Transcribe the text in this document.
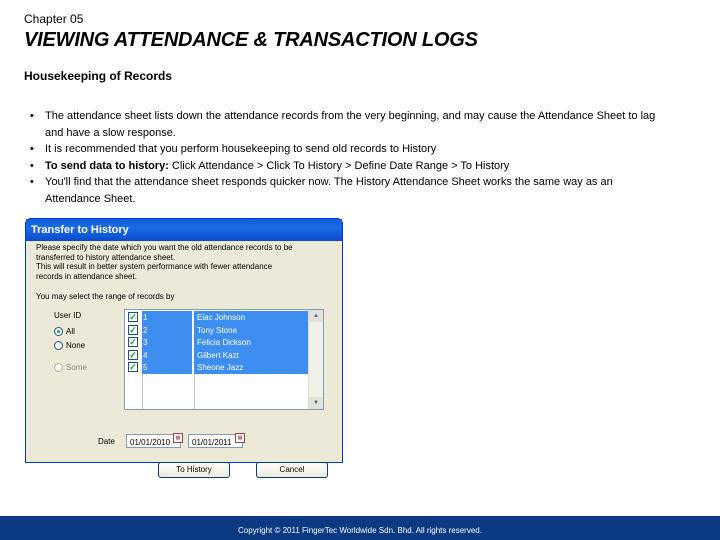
Chapter 05
VIEWING ATTENDANCE & TRANSACTION LOGS
Housekeeping of Records
• The attendance sheet lists down the attendance records from the very beginning, and may cause the Attendance Sheet to lag and have a slow response.
• It is recommended that you perform housekeeping to send old records to History
• To send data to history: Click Attendance > Click To History > Define Date Range > To History
• You'll find that the attendance sheet responds quicker now. The History Attendance Sheet works the same way as an Attendance Sheet.
Transfer to History
Please specify the date which you want the old attendance records to be
transferred to history attendance sheet.
This will result in better system performance with fewer attendance
records in attendance sheet.
You may select the range of records by
User ID
All
None
Some
✓ 1	Eiac Johnson
✓ 2	Tony Stone
✓ 3	Felicia Dickson
✓ 4	Gilbert Kazt
✓ 5	Sheone Jazz
▲
▼
Date	01/01/2010	▦	01/01/2011	▦
To History	Cancel
Copyright © 2011 FingerTec Worldwide Sdn. Bhd. All rights reserved.
